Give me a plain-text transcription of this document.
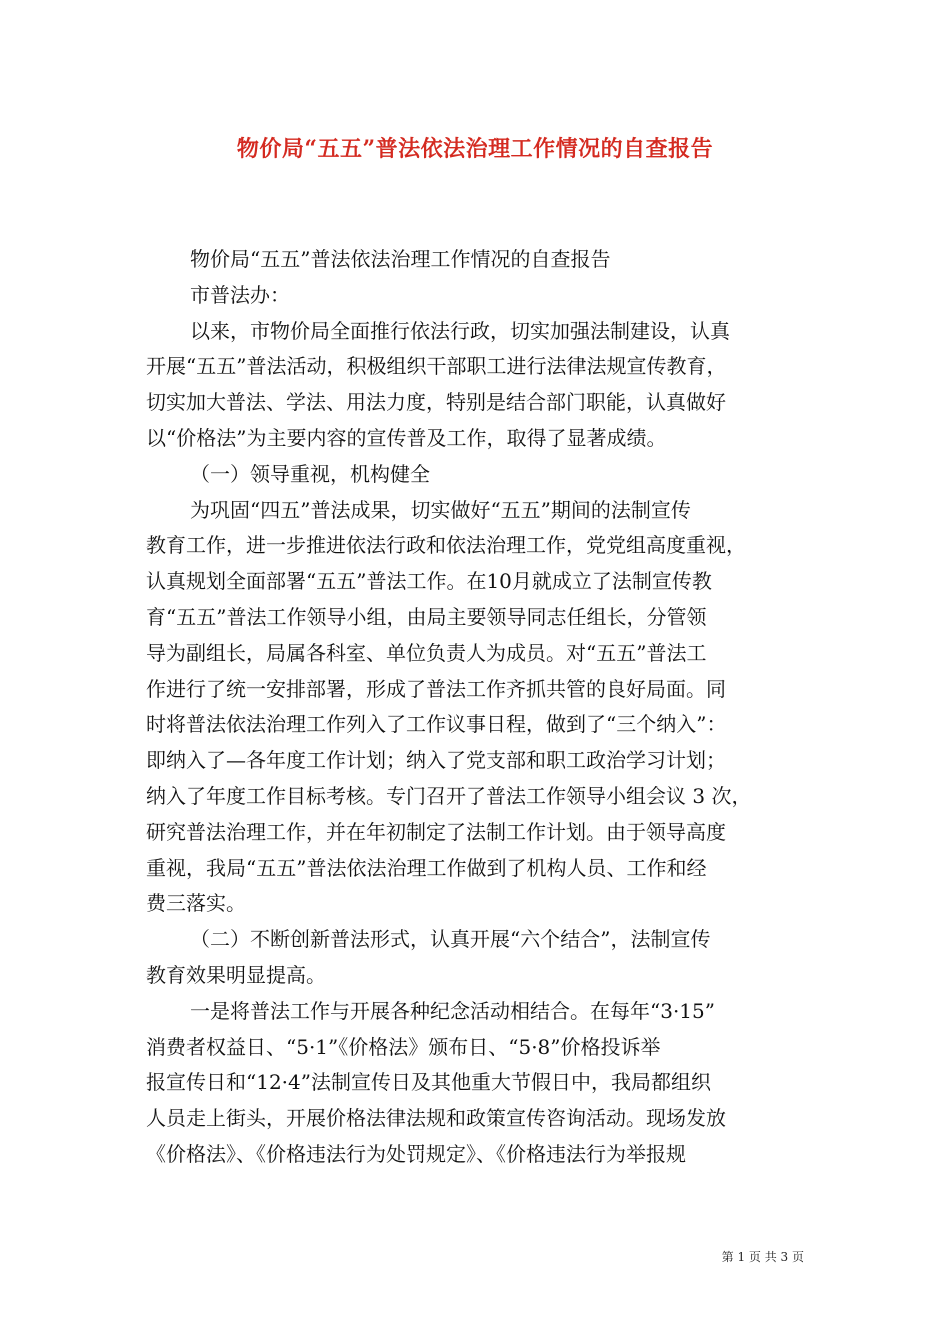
物价局“五五”普法依法治理工作情况的自查报告
物价局“五五”普法依法治理工作情况的自查报告
市普法办：
以来，市物价局全面推行依法行政，切实加强法制建设，认真
开展“五五”普法活动，积极组织干部职工进行法律法规宣传教育，
切实加大普法、学法、用法力度，特别是结合部门职能，认真做好
以“价格法”为主要内容的宣传普及工作，取得了显著成绩。
（一）领导重视，机构健全
为巩固“四五”普法成果，切实做好“五五”期间的法制宣传
教育工作，进一步推进依法行政和依法治理工作，党党组高度重视，
认真规划全面部署“五五”普法工作。在10月就成立了法制宣传教
育“五五”普法工作领导小组，由局主要领导同志任组长，分管领
导为副组长，局属各科室、单位负责人为成员。对“五五”普法工
作进行了统一安排部署，形成了普法工作齐抓共管的良好局面。同
时将普法依法治理工作列入了工作议事日程，做到了“三个纳入”：
即纳入了—各年度工作计划；纳入了党支部和职工政治学习计划；
纳入了年度工作目标考核。专门召开了普法工作领导小组会议 3 次，
研究普法治理工作，并在年初制定了法制工作计划。由于领导高度
重视，我局“五五”普法依法治理工作做到了机构人员、工作和经
费三落实。
（二）不断创新普法形式，认真开展“六个结合”，法制宣传
教育效果明显提高。
一是将普法工作与开展各种纪念活动相结合。在每年“3·15”
消费者权益日、“5·1”《价格法》颁布日、“5·8”价格投诉举
报宣传日和“12·4”法制宣传日及其他重大节假日中，我局都组织
人员走上街头，开展价格法律法规和政策宣传咨询活动。现场发放
《价格法》、《价格违法行为处罚规定》、《价格违法行为举报规
第 1 页 共 3 页
